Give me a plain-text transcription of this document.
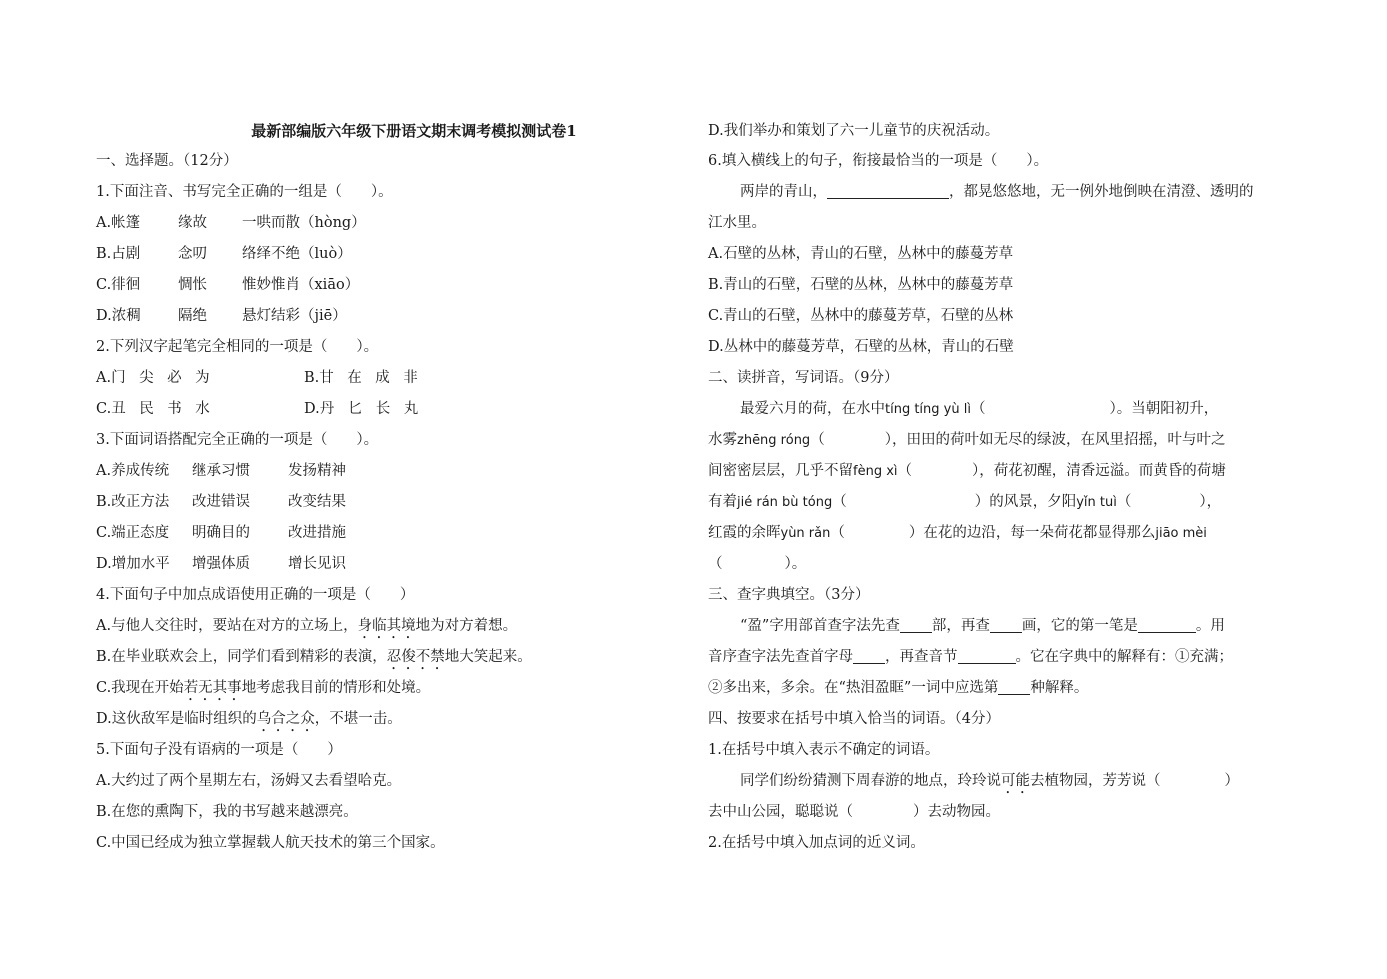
最新部编版六年级下册语文期末调考模拟测试卷1
一、选择题。（12分）
1.下面注音、书写完全正确的一组是（　　）。
A.帐篷	缘故	一哄而散（hòng）
B.占剧	念叨	络绎不绝（luò）
C.徘徊	惆怅	惟妙惟肖（xiāo）
D.浓稠	隔绝	悬灯结彩（jiē）
2.下列汉字起笔完全相同的一项是（　　）。
A.门 尖 必 为	B.甘 在 成 非
C.丑 民 书 水	D.丹 匕 长 丸
3.下面词语搭配完全正确的一项是（　　）。
A.养成传统	继承习惯	发扬精神
B.改正方法	改进错误	改变结果
C.端正态度	明确目的	改进措施
D.增加水平	增强体质	增长见识
4.下面句子中加点成语使用正确的一项是（　　）
A.与他人交往时，要站在对方的立场上，身临其境地为对方着想。
B.在毕业联欢会上，同学们看到精彩的表演，忍俊不禁地大笑起来。
C.我现在开始若无其事地考虑我目前的情形和处境。
D.这伙敌军是临时组织的乌合之众，不堪一击。
5.下面句子没有语病的一项是（　　）
A.大约过了两个星期左右，汤姆又去看望哈克。
B.在您的熏陶下，我的书写越来越漂亮。
C.中国已经成为独立掌握载人航天技术的第三个国家。
D.我们举办和策划了六一儿童节的庆祝活动。
6.填入横线上的句子，衔接最恰当的一项是（　　）。
两岸的青山，	，都晃悠悠地，无一例外地倒映在清澄、透明的
江水里。
A.石壁的丛林，青山的石壁，丛林中的藤蔓芳草
B.青山的石壁，石壁的丛林，丛林中的藤蔓芳草
C.青山的石壁，丛林中的藤蔓芳草，石壁的丛林
D.丛林中的藤蔓芳草，石壁的丛林，青山的石壁
二、读拼音，写词语。（9分）
最爱六月的荷，在水中tíng tíng yù lì（	）。当朝阳初升，
水雾zhēng róng（	），田田的荷叶如无尽的绿波，在风里招摇，叶与叶之
间密密层层，几乎不留fèng xì（	），荷花初醒，清香远溢。而黄昏的荷塘
有着jié rán bù tóng（	）的风景，夕阳yǐn tuì（	），
红霞的余晖yùn rǎn（	）在花的边沿，每一朵荷花都显得那么jiāo mèi
（	）。
三、查字典填空。（3分）
“盈”字用部首查字法先查 部，再查 画，它的第一笔是	。用
音序查字法先查首字母 ，再查音节	。它在字典中的解释有：①充满；
②多出来，多余。在“热泪盈眶”一词中应选第 种解释。
四、按要求在括号中填入恰当的词语。（4分）
1.在括号中填入表示不确定的词语。
同学们纷纷猜测下周春游的地点，玲玲说可能去植物园，芳芳说（	）
去中山公园，聪聪说（	）去动物园。
2.在括号中填入加点词的近义词。
